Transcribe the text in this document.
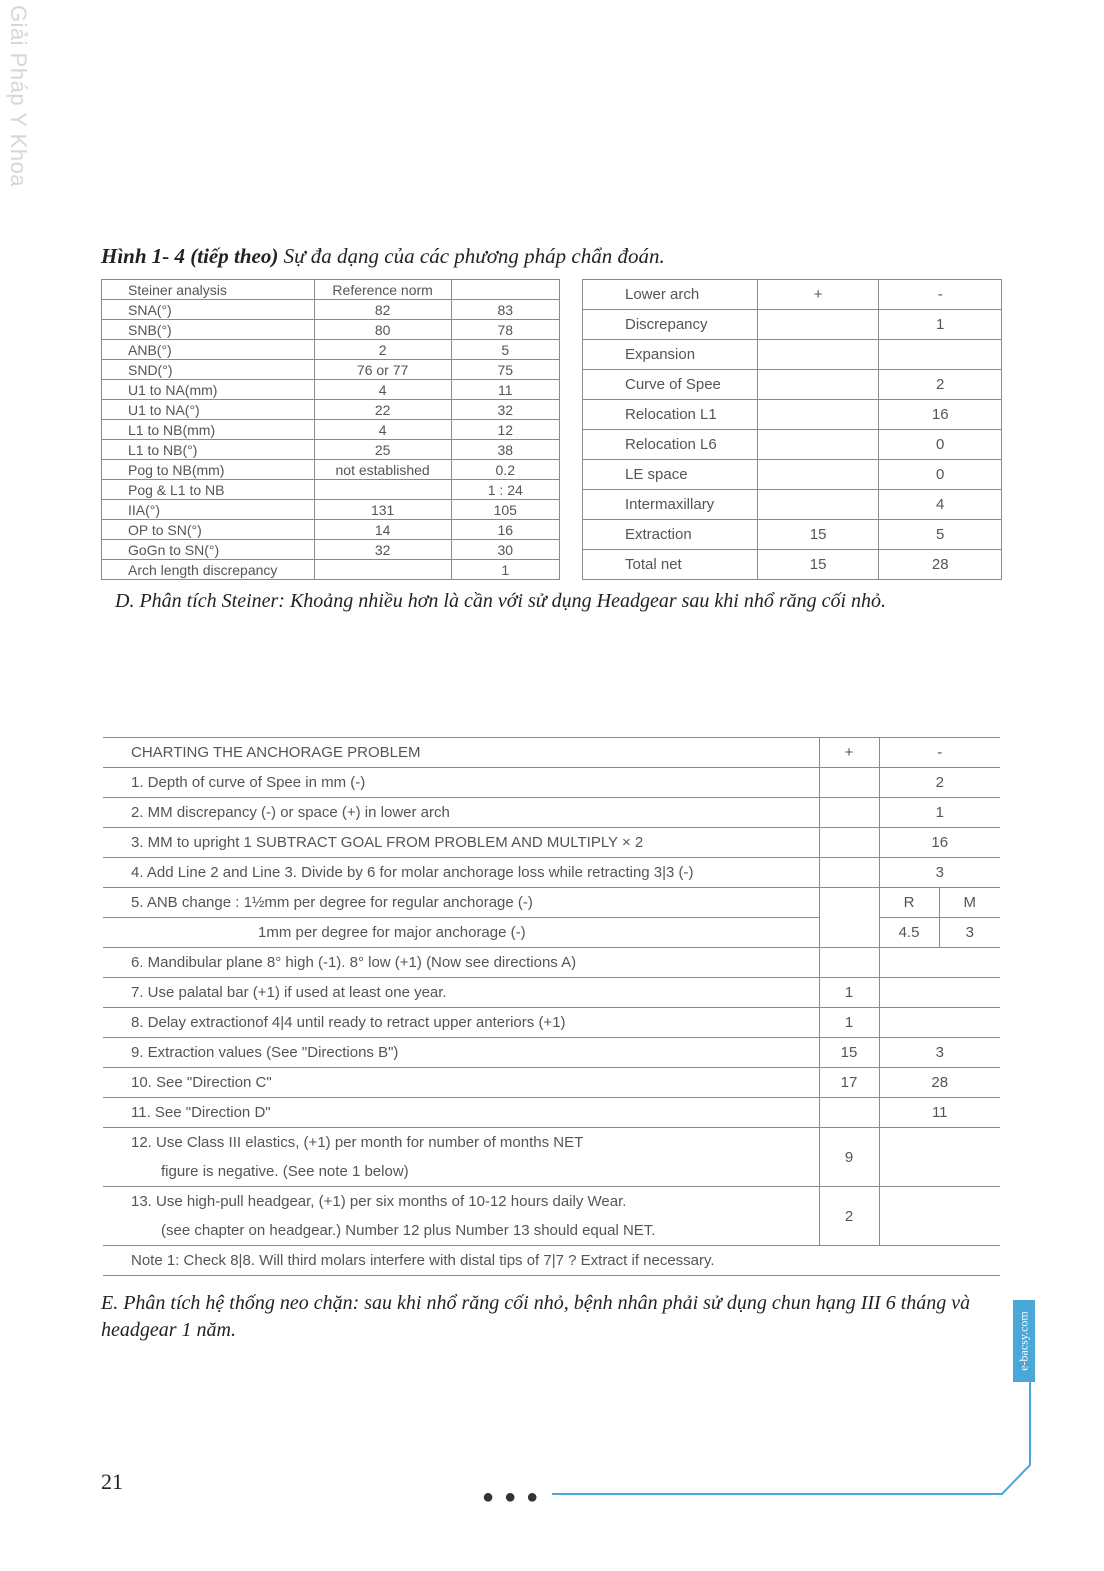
Giải Pháp Y Khoa
Hình 1- 4 (tiếp theo) Sự đa dạng của các phương pháp chẩn đoán.
Steiner analysis	Reference norm	
SNA(°)	82	83
SNB(°)	80	78
ANB(°)	2	5
SND(°)	76 or 77	75
U1 to NA(mm)	4	11
U1 to NA(°)	22	32
L1 to NB(mm)	4	12
L1 to NB(°)	25	38
Pog to NB(mm)	not established	0.2
Pog & L1 to NB		1 : 24
IIA(°)	131	105
OP to SN(°)	14	16
GoGn to SN(°)	32	30
Arch length discrepancy		1
Lower arch	+	-
Discrepancy		1
Expansion		
Curve of Spee		2
Relocation L1		16
Relocation L6		0
LE space		0
Intermaxillary		4
Extraction	15	5
Total net	15	28
D. Phân tích Steiner: Khoảng nhiều hơn là cần với sử dụng Headgear sau khi nhổ răng cối nhỏ.
CHARTING THE ANCHORAGE PROBLEM	+	-	
1. Depth of curve of Spee in mm (-)		2	
2. MM discrepancy (-) or space (+) in lower arch		1	
3. MM to upright 1 SUBTRACT GOAL FROM PROBLEM AND MULTIPLY × 2		16	
4. Add Line 2 and Line 3. Divide by 6 for molar anchorage loss while retracting 3|3 (-)		3	
5. ANB change : 1½mm per degree for regular anchorage (-)		R	M
1mm per degree for major anchorage (-)		4.5	3
6. Mandibular plane 8° high (-1). 8° low (+1) (Now see directions A)			
7. Use palatal bar (+1) if used at least one year.	1		
8. Delay extractionof 4|4 until ready to retract upper anteriors (+1)	1		
9. Extraction values (See "Directions B")	15	3	
10. See "Direction C"	17	28	
11. See "Direction D"		11	

12. Use Class III elastics, (+1) per month for number of months NET
figure is negative. (See note 1 below)	9		

13. Use high-pull headgear, (+1) per six months of 10-12 hours daily Wear.
(see chapter on headgear.) Number 12 plus Number 13 should equal NET.	2		
Note 1: Check 8|8. Will third molars interfere with distal tips of 7|7 ? Extract if necessary.			
E. Phân tích hệ thống neo chặn: sau khi nhổ răng cối nhỏ, bệnh nhân phải sử dụng chun hạng III 6 tháng và headgear 1 năm.	e-bacsy.com
21
●●●
